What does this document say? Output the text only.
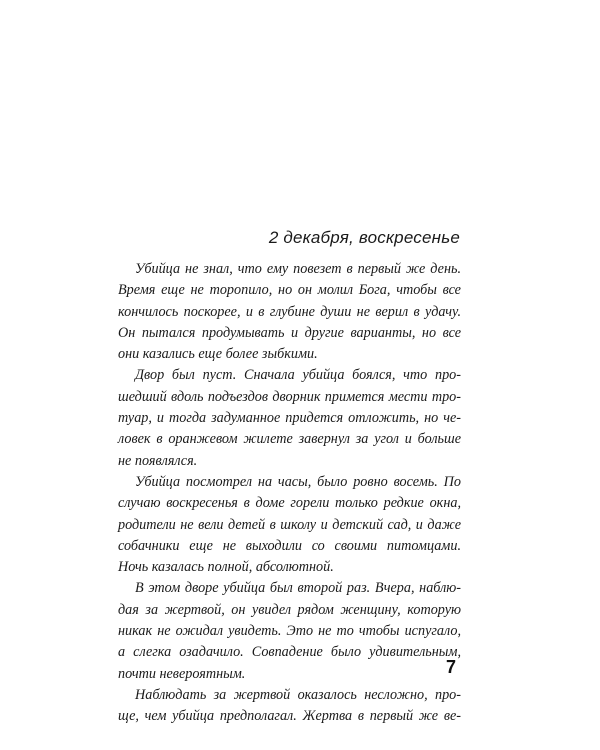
2 декабря, воскресенье
Убийца не знал, что ему повезет в первый же день.
Время еще не торопило, но он молил Бога, чтобы все
кончилось поскорее, и в глубине души не верил в удачу.
Он пытался продумывать и другие варианты, но все
они казались еще более зыбкими.
Двор был пуст. Сначала убийца боялся, что про-
шедший вдоль подъездов дворник примется мести тро-
туар, и тогда задуманное придется отложить, но че-
ловек в оранжевом жилете завернул за угол и больше
не появлялся.
Убийца посмотрел на часы, было ровно восемь. По
случаю воскресенья в доме горели только редкие окна,
родители не вели детей в школу и детский сад, и даже
собачники еще не выходили со своими питомцами.
Ночь казалась полной, абсолютной.
В этом дворе убийца был второй раз. Вчера, наблю-
дая за жертвой, он увидел рядом женщину, которую
никак не ожидал увидеть. Это не то чтобы испугало,
а слегка озадачило. Совпадение было удивительным,
почти невероятным.
Наблюдать за жертвой оказалось несложно, про-
ще, чем убийца предполагал. Жертва в первый же ве-
7
